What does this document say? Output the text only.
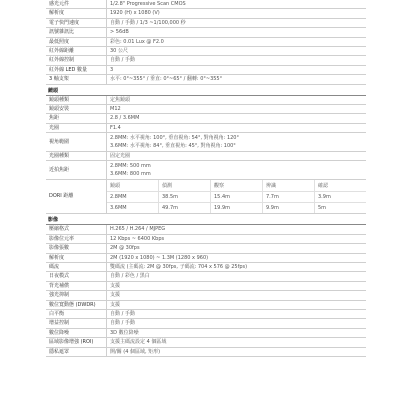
感光元件	1/2.8" Progressive Scan CMOS
解析度	1920 (H) x 1080 (V)
電子快門速度	自動 / 手動 / 1/3 ~1/100,000 秒
訊號雜訊比	> 56dB
最低照度	彩色: 0.01 Lux @ F2.0
紅外線距離	30 公尺
紅外線控制	自動 / 手動
紅外線 LED 數量	3
3 軸支架	水平: 0°~355° / 垂直: 0°~65° / 翻轉: 0°~355°
鏡頭
鏡頭種類	定焦鏡頭
鏡頭安裝	M12
焦距	2.8 / 3.6MM
光圈	F1.4
視角範圍
2.8MM: 水平視角: 100°, 垂直視角: 54°, 對角視角: 120°
3.6MM: 水平視角: 84°, 垂直視角: 45°, 對角視角: 100°
光圈種類	固定光圈
近拍焦距
2.8MM: 500 mm
3.6MM: 800 mm
DORI 距離
鏡頭	偵測	觀察	辨識	確認
2.8MM	38.5m	15.4m	7.7m	3.9m
3.6MM	49.7m	19.9m	9.9m	5m
影像
壓縮格式	H.265 / H.264 / MJPEG
影像位元率	12 Kbps ~ 6400 Kbps
影像張數	2M @ 30fps
解析度	2M (1920 x 1080) ~ 1.3M (1280 x 960)
碼流	雙碼流 (主碼流: 2M @ 30fps, 子碼流: 704 x 576 @ 25fps)
日夜模式	自動 / 彩色 / 黑白
背光補償	支援
強光抑制	支援
數位寬動態 (DWDR)	支援
白平衡	自動 / 手動
增益控制	自動 / 手動
數位降噪	3D 數位降噪
區域影像增強 (ROI)	支援主碼流設定 4 個區域
隱私遮罩	開/關 (4 個區域, 矩形)
